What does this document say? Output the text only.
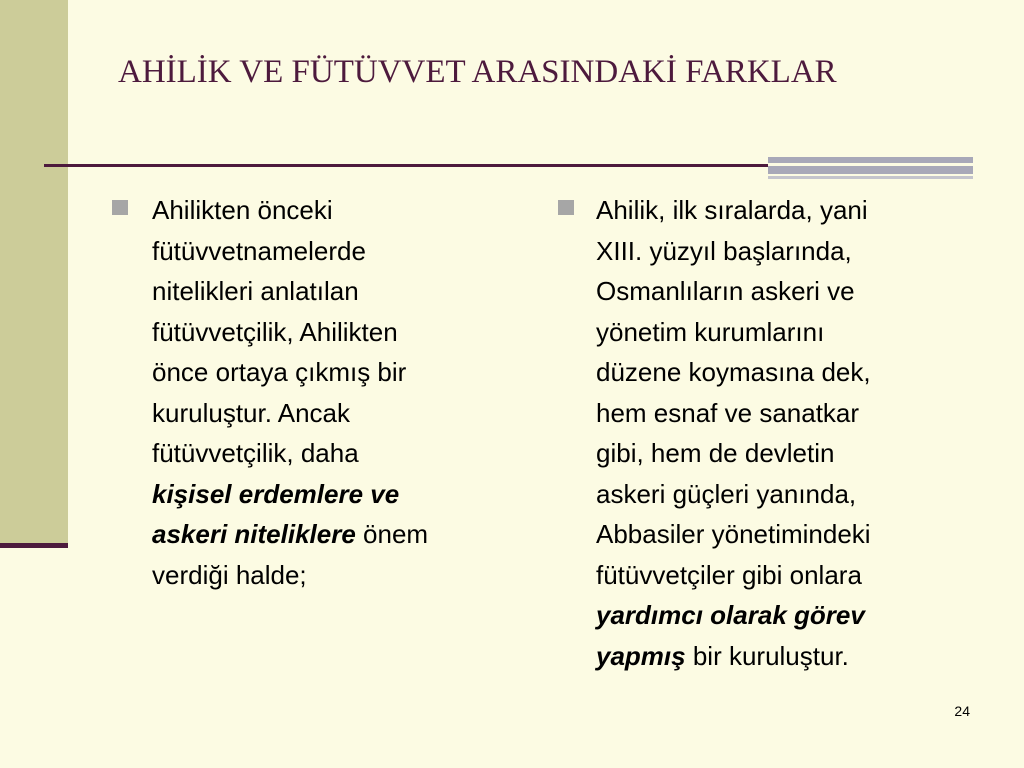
AHİLİK VE FÜTÜVVET ARASINDAKİ FARKLAR
Ahilikten önceki
fütüvvetnamelerde
nitelikleri anlatılan
fütüvvetçilik, Ahilikten
önce ortaya çıkmış bir
kuruluştur. Ancak
fütüvvetçilik, daha
kişisel erdemlere ve
askeri niteliklere önem
verdiği halde;
Ahilik, ilk sıralarda, yani
XIII. yüzyıl başlarında,
Osmanlıların askeri ve
yönetim kurumlarını
düzene koymasına dek,
hem esnaf ve sanatkar
gibi, hem de devletin
askeri güçleri yanında,
Abbasiler yönetimindeki
fütüvvetçiler gibi onlara
yardımcı olarak görev
yapmış bir kuruluştur.
24
